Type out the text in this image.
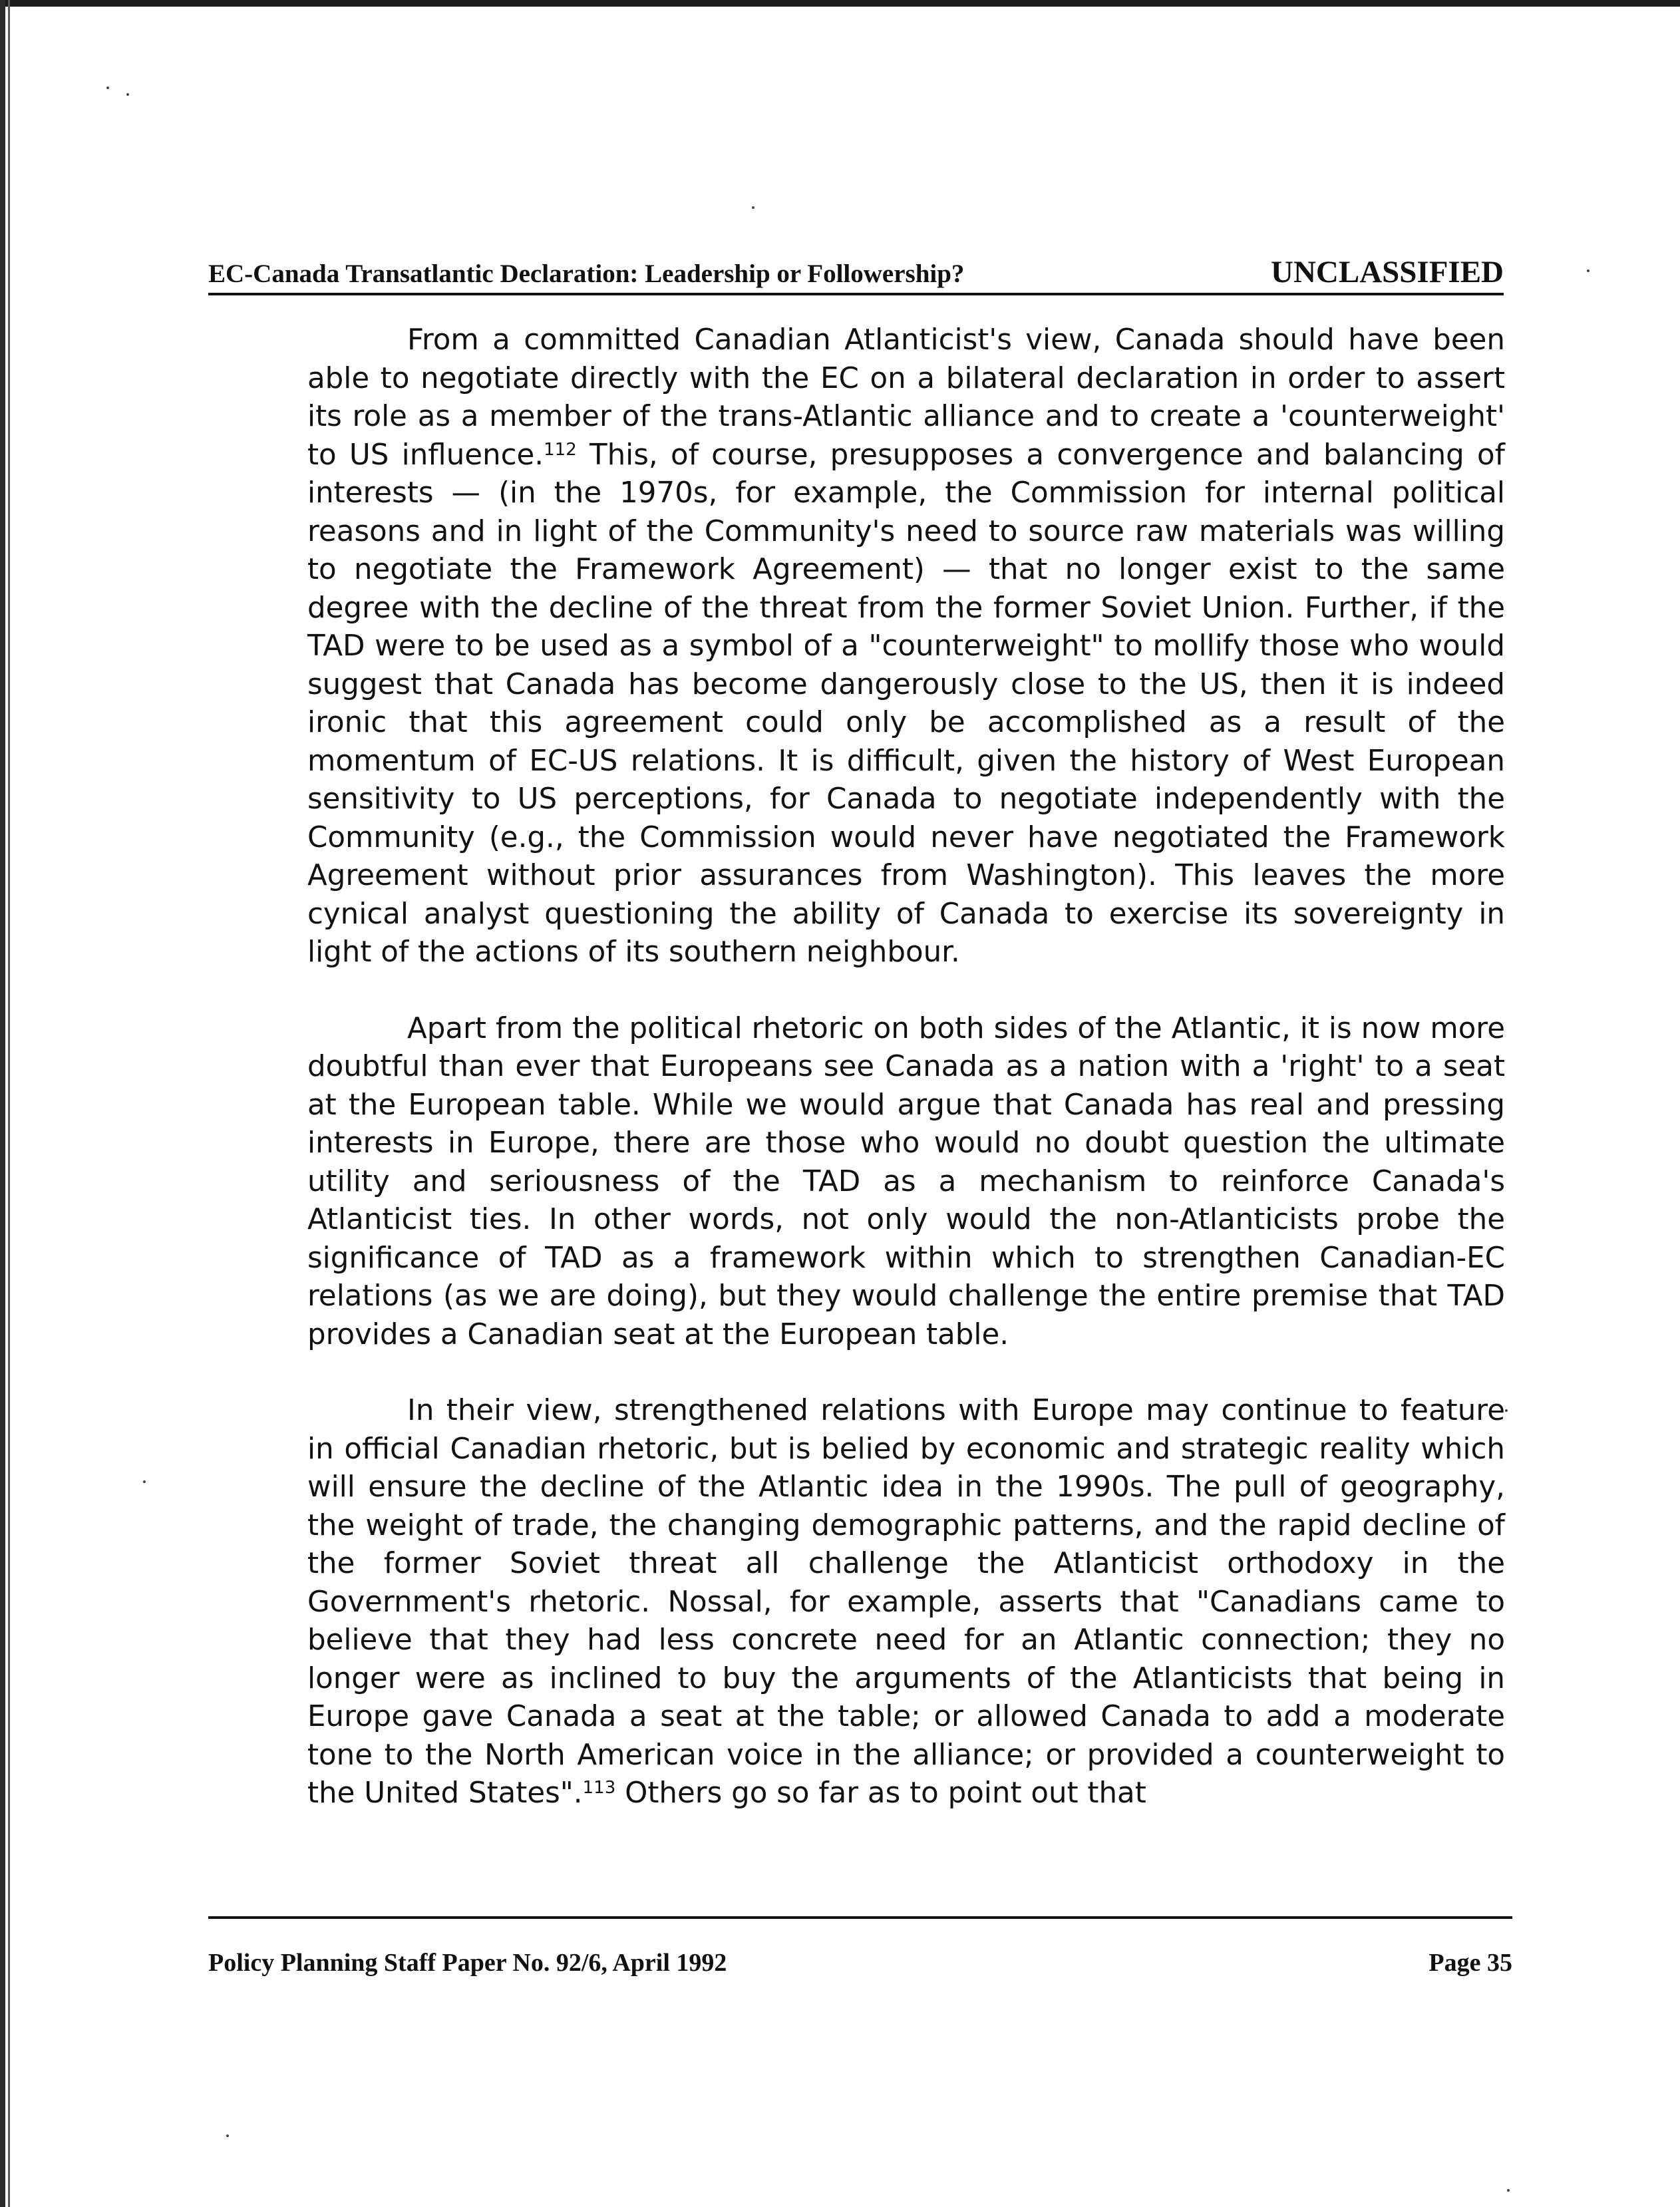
EC-Canada Transatlantic Declaration: Leadership or Followership?	UNCLASSIFIED

From a committed Canadian Atlanticist's view, Canada should have been able to negotiate directly with the EC on a bilateral declaration in order to assert its role as a member of the trans-Atlantic alliance and to create a 'counterweight' to US influence.$^{112}$ This, of course, presupposes a convergence and balancing of interests — (in the 1970s, for example, the Commission for internal political reasons and in light of the Community's need to source raw materials was willing to negotiate the Framework Agreement) — that no longer exist to the same degree with the decline of the threat from the former Soviet Union. Further, if the TAD were to be used as a symbol of a "counterweight" to mollify those who would suggest that Canada has become dangerously close to the US, then it is indeed ironic that this agreement could only be accomplished as a result of the momentum of EC-US relations. It is difficult, given the history of West European sensitivity to US perceptions, for Canada to negotiate independently with the Community (e.g., the Commission would never have negotiated the Framework Agreement without prior assurances from Washington). This leaves the more cynical analyst questioning the ability of Canada to exercise its sovereignty in light of the actions of its southern neighbour.

Apart from the political rhetoric on both sides of the Atlantic, it is now more doubtful than ever that Europeans see Canada as a nation with a 'right' to a seat at the European table. While we would argue that Canada has real and pressing interests in Europe, there are those who would no doubt question the ultimate utility and seriousness of the TAD as a mechanism to reinforce Canada's Atlanticist ties. In other words, not only would the non-Atlanticists probe the significance of TAD as a framework within which to strengthen Canadian-EC relations (as we are doing), but they would challenge the entire premise that TAD provides a Canadian seat at the European table.

In their view, strengthened relations with Europe may continue to feature in official Canadian rhetoric, but is belied by economic and strategic reality which will ensure the decline of the Atlantic idea in the 1990s. The pull of geography, the weight of trade, the changing demographic patterns, and the rapid decline of the former Soviet threat all challenge the Atlanticist orthodoxy in the Government's rhetoric. Nossal, for example, asserts that "Canadians came to believe that they had less concrete need for an Atlantic connection; they no longer were as inclined to buy the arguments of the Atlanticists that being in Europe gave Canada a seat at the table; or allowed Canada to add a moderate tone to the North American voice in the alliance; or provided a counterweight to the United States".$^{113}$ Others go so far as to point out that

Policy Planning Staff Paper No. 92/6, April 1992	Page 35
